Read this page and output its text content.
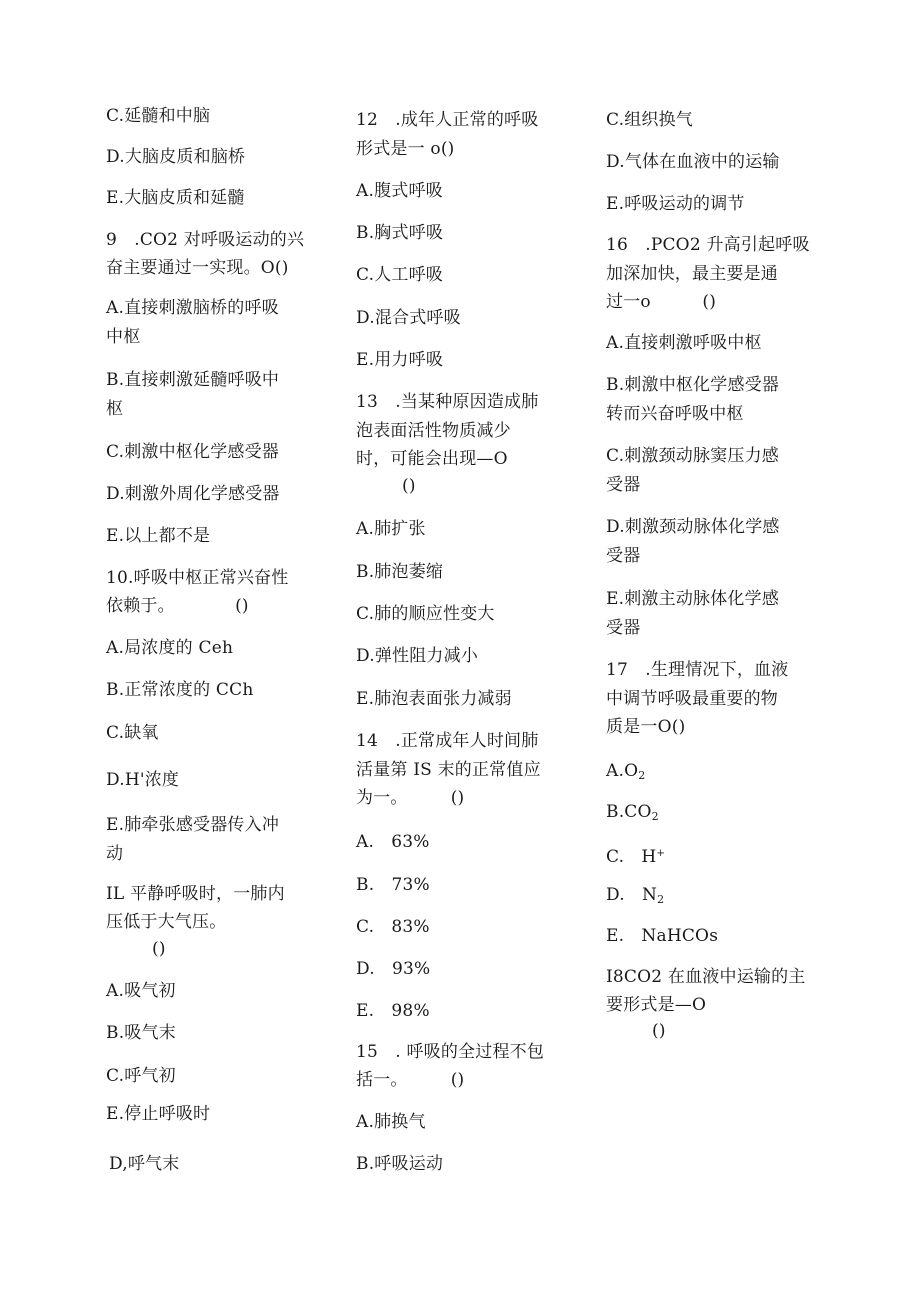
C.延髓和中脑
D.大脑皮质和脑桥
E.大脑皮质和延髓
9　.CO2 对呼吸运动的兴
奋主要通过一实现。O()
A.直接刺激脑桥的呼吸
中枢
B.直接刺激延髓呼吸中
枢
C.刺激中枢化学感受器
D.刺激外周化学感受器
E.以上都不是
10.呼吸中枢正常兴奋性
依赖于。　　　　()
A.局浓度的 Ceh
B.正常浓度的 CCh
C.缺氧
D.H'浓度
E.肺牵张感受器传入冲
动
IL 平静呼吸时，一肺内
压低于大气压。
()
A.吸气初
B.吸气末
C.呼气初
E.停止呼吸时
D,呼气末
12　.成年人正常的呼吸
形式是一 o()
A.腹式呼吸
B.胸式呼吸
C.人工呼吸
D.混合式呼吸
E.用力呼吸
13　.当某种原因造成肺
泡表面活性物质减少
时，可能会出现—O
()
A.肺扩张
B.肺泡萎缩
C.肺的顺应性变大
D.弹性阻力减小
E.肺泡表面张力减弱
14　.正常成年人时间肺
活量第 IS 末的正常值应
为一。　　　()
A.　63%
B.　73%
C.　83%
D.　93%
E.　98%
15　. 呼吸的全过程不包
括一。　　　()
A.肺换气
B.呼吸运动
C.组织换气
D.气体在血液中的运输
E.呼吸运动的调节
16　.PCO2 升高引起呼吸
加深加快，最主要是通
过一o　　　()
A.直接刺激呼吸中枢
B.刺激中枢化学感受器
转而兴奋呼吸中枢
C.刺激颈动脉窦压力感
受器
D.刺激颈动脉体化学感
受器
E.刺激主动脉体化学感
受器
17　.生理情况下，血液
中调节呼吸最重要的物
质是一O()
$A.O_2$
$B.CO_2$
C.　H+
D.　$N_2$
E.　NaHCOs
I8CO2 在血液中运输的主
要形式是—O
()
